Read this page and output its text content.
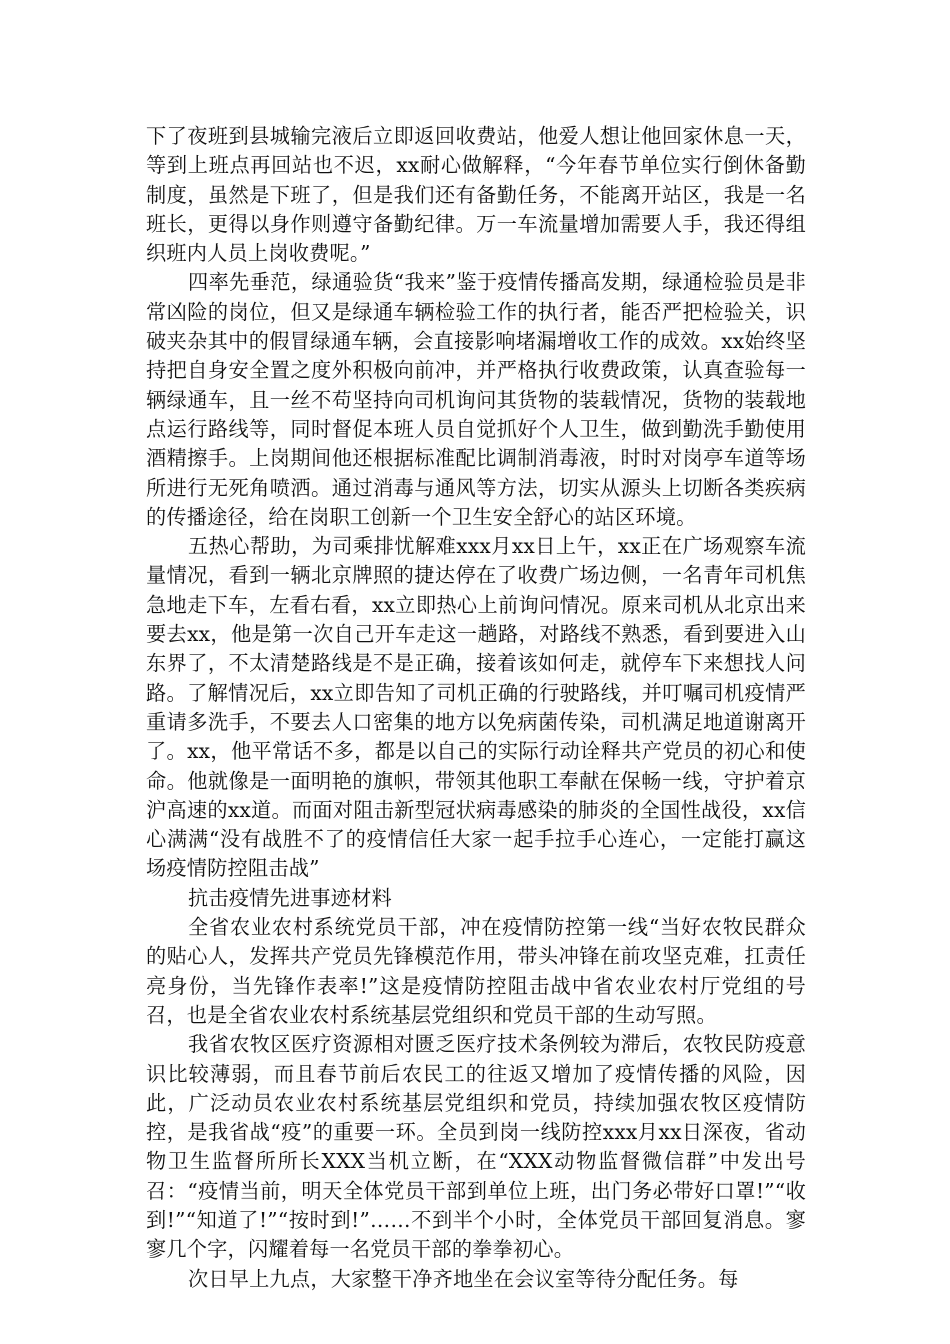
下了夜班到县城输完液后立即返回收费站，他爱人想让他回家休息一天，等到上班点再回站也不迟，xx耐心做解释，“今年春节单位实行倒休备勤制度，虽然是下班了，但是我们还有备勤任务，不能离开站区，我是一名班长，更得以身作则遵守备勤纪律。万一车流量增加需要人手，我还得组织班内人员上岗收费呢。”

四率先垂范，绿通验货“我来”鉴于疫情传播高发期，绿通检验员是非常凶险的岗位，但又是绿通车辆检验工作的执行者，能否严把检验关，识破夹杂其中的假冒绿通车辆，会直接影响堵漏增收工作的成效。xx始终坚持把自身安全置之度外积极向前冲，并严格执行收费政策，认真查验每一辆绿通车，且一丝不苟坚持向司机询问其货物的装载情况，货物的装载地点运行路线等，同时督促本班人员自觉抓好个人卫生，做到勤洗手勤使用酒精擦手。上岗期间他还根据标准配比调制消毒液，时时对岗亭车道等场所进行无死角喷洒。通过消毒与通风等方法，切实从源头上切断各类疾病的传播途径，给在岗职工创新一个卫生安全舒心的站区环境。

五热心帮助，为司乘排忧解难xxx月xx日上午，xx正在广场观察车流量情况，看到一辆北京牌照的捷达停在了收费广场边侧，一名青年司机焦急地走下车，左看右看，xx立即热心上前询问情况。原来司机从北京出来要去xx，他是第一次自己开车走这一趟路，对路线不熟悉，看到要进入山东界了，不太清楚路线是不是正确，接着该如何走，就停车下来想找人问路。了解情况后，xx立即告知了司机正确的行驶路线，并叮嘱司机疫情严重请多洗手，不要去人口密集的地方以免病菌传染，司机满足地道谢离开了。xx，他平常话不多，都是以自己的实际行动诠释共产党员的初心和使命。他就像是一面明艳的旗帜，带领其他职工奉献在保畅一线，守护着京沪高速的xx道。而面对阻击新型冠状病毒感染的肺炎的全国性战役，xx信心满满“没有战胜不了的疫情信任大家一起手拉手心连心，一定能打赢这场疫情防控阻击战”

抗击疫情先进事迹材料

全省农业农村系统党员干部，冲在疫情防控第一线“当好农牧民群众的贴心人，发挥共产党员先锋模范作用，带头冲锋在前攻坚克难，扛责任亮身份，当先锋作表率!”这是疫情防控阻击战中省农业农村厅党组的号召，也是全省农业农村系统基层党组织和党员干部的生动写照。

我省农牧区医疗资源相对匮乏医疗技术条例较为滞后，农牧民防疫意识比较薄弱，而且春节前后农民工的往返又增加了疫情传播的风险，因此，广泛动员农业农村系统基层党组织和党员，持续加强农牧区疫情防控，是我省战“疫”的重要一环。全员到岗一线防控xxx月xx日深夜，省动物卫生监督所所长XXX当机立断，在“XXX动物监督微信群”中发出号召：“疫情当前，明天全体党员干部到单位上班，出门务必带好口罩!”“收到!”“知道了!”“按时到!”……不到半个小时，全体党员干部回复消息。寥寥几个字，闪耀着每一名党员干部的拳拳初心。

次日早上九点，大家整干净齐地坐在会议室等待分配任务。每
